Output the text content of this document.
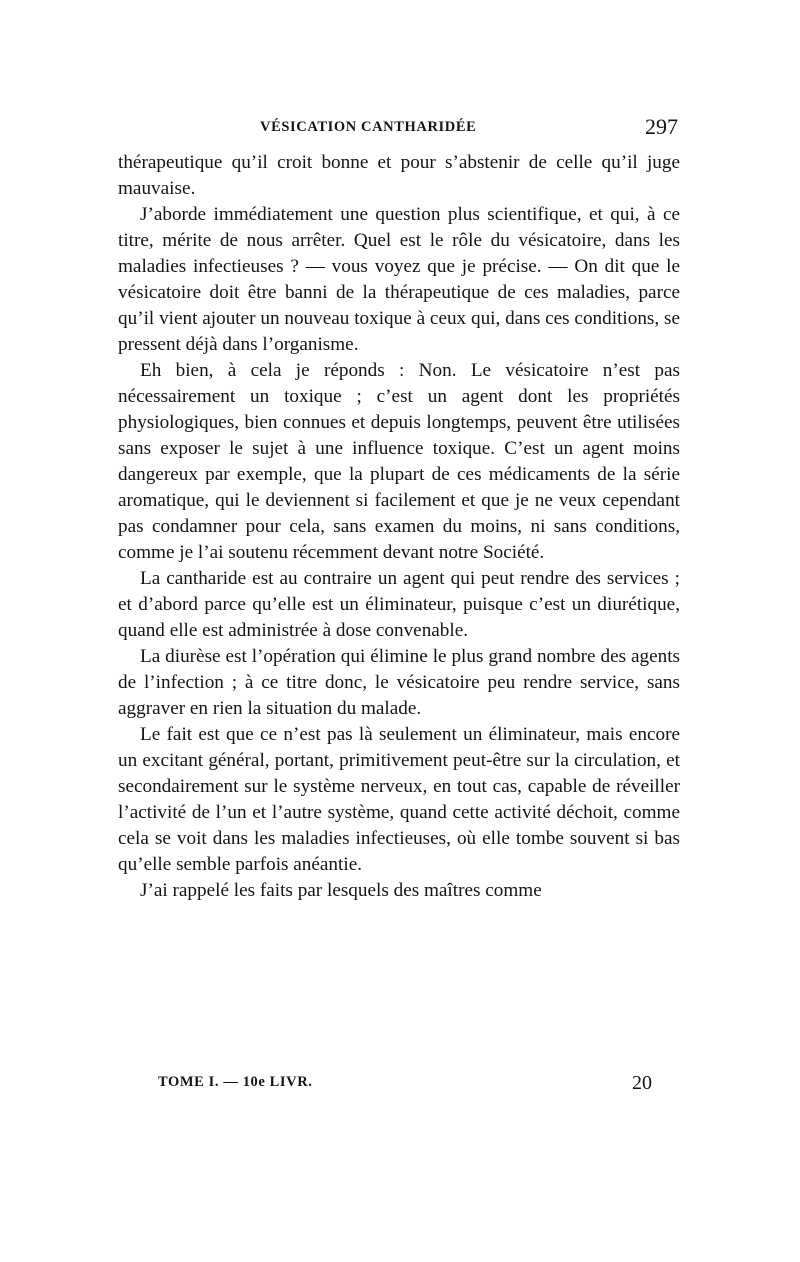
VÉSICATION CANTHARIDÉE	297

thérapeutique qu’il croit bonne et pour s’abstenir de celle qu’il juge mauvaise.

J’aborde immédiatement une question plus scientifique, et qui, à ce titre, mérite de nous arrêter. Quel est le rôle du vésicatoire, dans les maladies infectieuses ? — vous voyez que je précise. — On dit que le vésicatoire doit être banni de la thérapeutique de ces maladies, parce qu’il vient ajouter un nouveau toxique à ceux qui, dans ces conditions, se pressent déjà dans l’organisme.

Eh bien, à cela je réponds : Non. Le vésicatoire n’est pas nécessairement un toxique ; c’est un agent dont les propriétés physiologiques, bien connues et depuis longtemps, peuvent être utilisées sans exposer le sujet à une influence toxique. C’est un agent moins dangereux par exemple, que la plupart de ces médicaments de la série aromatique, qui le deviennent si facilement et que je ne veux cependant pas condamner pour cela, sans examen du moins, ni sans conditions, comme je l’ai soutenu récemment devant notre Société.

La cantharide est au contraire un agent qui peut rendre des services ; et d’abord parce qu’elle est un éliminateur, puisque c’est un diurétique, quand elle est administrée à dose convenable.

La diurèse est l’opération qui élimine le plus grand nombre des agents de l’infection ; à ce titre donc, le vésicatoire peu rendre service, sans aggraver en rien la situation du malade.

Le fait est que ce n’est pas là seulement un éliminateur, mais encore un excitant général, portant, primitivement peut-être sur la circulation, et secondairement sur le système nerveux, en tout cas, capable de réveiller l’activité de l’un et l’autre système, quand cette activité déchoit, comme cela se voit dans les maladies infectieuses, où elle tombe souvent si bas qu’elle semble parfois anéantie.

J’ai rappelé les faits par lesquels des maîtres comme

TOME I. — 10e LIVR.	20
